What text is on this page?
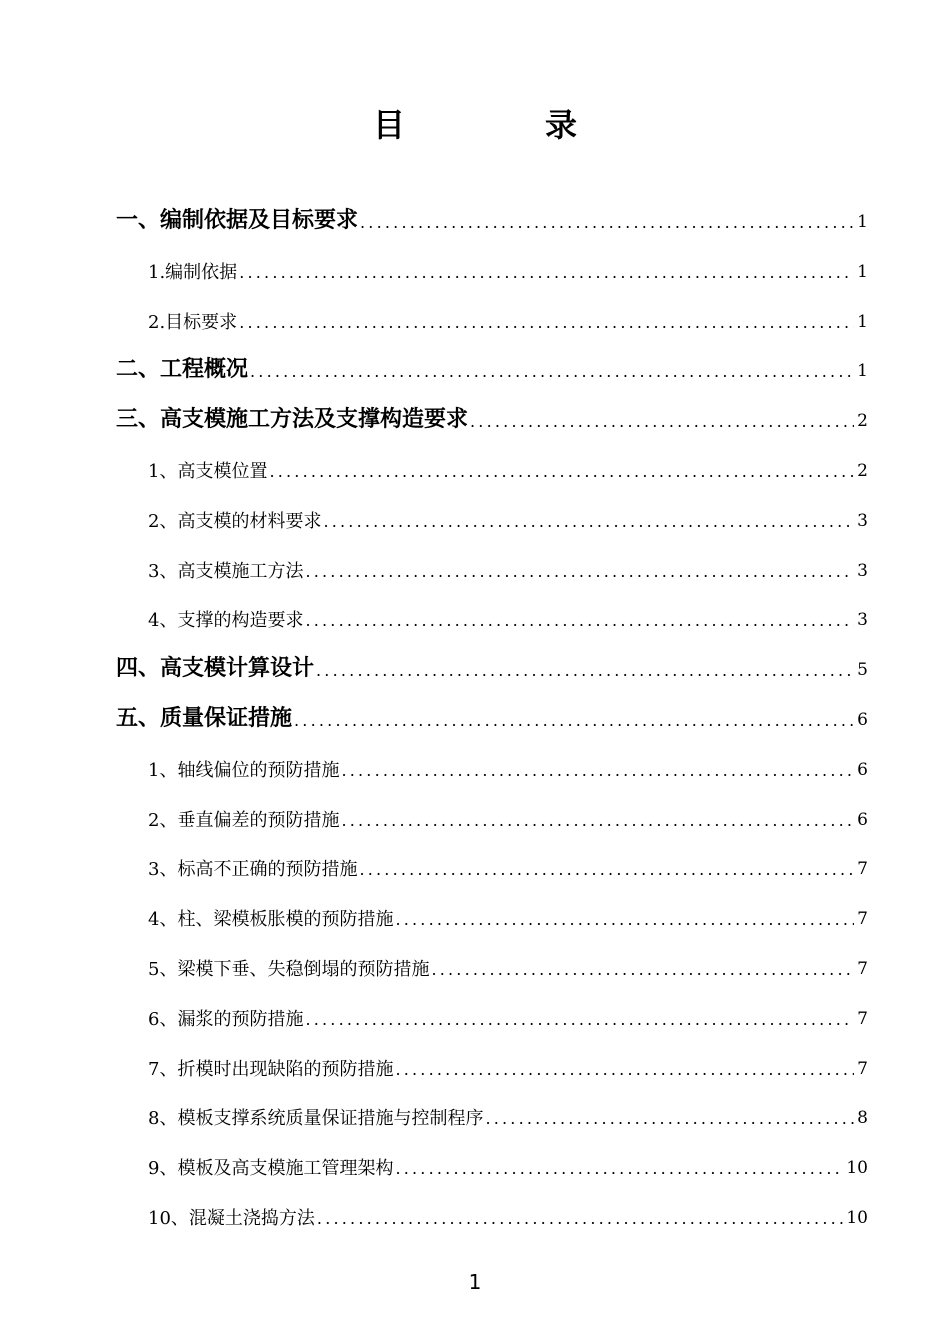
目　录
一、编制依据及目标要求 .....	1
1.编制依据 .....	1
2.目标要求 .....	1
二、工程概况 .....	1
三、高支模施工方法及支撑构造要求 .....	2
1、高支模位置 .....	2
2、高支模的材料要求 .....	3
3、高支模施工方法 .....	3
4、支撑的构造要求 .....	3
四、高支模计算设计 .....	5
五、质量保证措施 .....	6
1、轴线偏位的预防措施 .....	6
2、垂直偏差的预防措施 .....	6
3、标高不正确的预防措施 .....	7
4、柱、梁模板胀模的预防措施 .....	7
5、梁模下垂、失稳倒塌的预防措施 .....	7
6、漏浆的预防措施 .....	7
7、折模时出现缺陷的预防措施 .....	7
8、模板支撑系统质量保证措施与控制程序 .....	8
9、模板及高支模施工管理架构 .....	10
10、混凝土浇捣方法 .....	10
1
